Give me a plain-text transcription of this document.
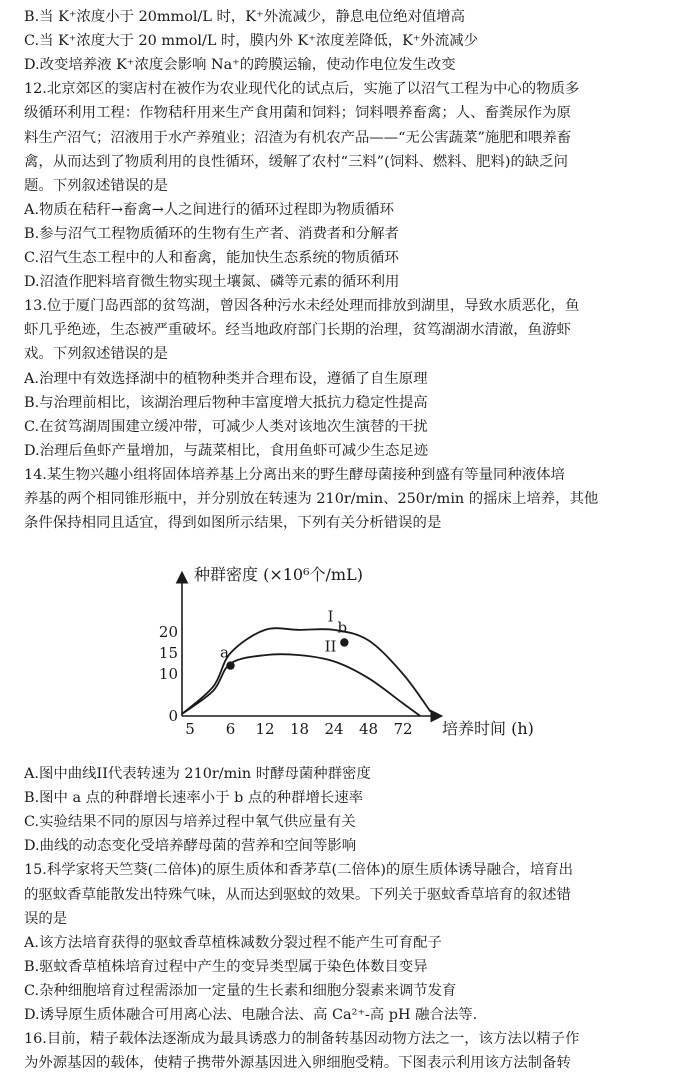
B.当 K⁺浓度小于 20mmol/L 时，K⁺外流减少，静息电位绝对值增高
C.当 K⁺浓度大于 20 mmol/L 时，膜内外 K⁺浓度差降低，K⁺外流减少
D.改变培养液 K⁺浓度会影响 Na⁺的跨膜运输，使动作电位发生改变
12.北京郊区的窦店村在被作为农业现代化的试点后，实施了以沼气工程为中心的物质多
级循环利用工程：作物秸秆用来生产食用菌和饲料；饲料喂养畜禽；人、畜粪尿作为原
料生产沼气；沼液用于水产养殖业；沼渣为有机农产品——“无公害蔬菜”施肥和喂养畜
禽，从而达到了物质利用的良性循环，缓解了农村“三料”(饲料、燃料、肥料)的缺乏问
题。下列叙述错误的是
A.物质在秸秆→畜禽→人之间进行的循环过程即为物质循环
B.参与沼气工程物质循环的生物有生产者、消费者和分解者
C.沼气生态工程中的人和畜禽，能加快生态系统的物质循环
D.沼渣作肥料培育微生物实现土壤氮、磷等元素的循环利用
13.位于厦门岛西部的贫笃湖，曾因各种污水未经处理而排放到湖里，导致水质恶化，鱼
虾几乎绝迹，生态被严重破坏。经当地政府部门长期的治理，贫笃湖湖水清澈，鱼游虾
戏。下列叙述错误的是
A.治理中有效选择湖中的植物种类并合理布设，遵循了自生原理
B.与治理前相比，该湖治理后物种丰富度增大抵抗力稳定性提高
C.在贫笃湖周围建立缓冲带，可减少人类对该地次生演替的干扰
D.治理后鱼虾产量增加，与蔬菜相比，食用鱼虾可减少生态足迹
14.某生物兴趣小组将固体培养基上分离出来的野生酵母菌接种到盛有等量同种液体培
养基的两个相同锥形瓶中，并分别放在转速为 210r/min、250r/min 的摇床上培养，其他
条件保持相同且适宜，得到如图所示结果，下列有关分析错误的是
种群密度 (×10⁶个/mL)
培养时间 (h)
0
10
15
20
5 6 12 18 24 48 72
I
II
a
b
A.图中曲线II代表转速为 210r/min 时酵母菌种群密度
B.图中 a 点的种群增长速率小于 b 点的种群增长速率
C.实验结果不同的原因与培养过程中氧气供应量有关
D.曲线的动态变化受培养酵母菌的营养和空间等影响
15.科学家将天竺葵(二倍体)的原生质体和香茅草(二倍体)的原生质体诱导融合，培育出
的驱蚊香草能散发出特殊气味，从而达到驱蚊的效果。下列关于驱蚊香草培育的叙述错
误的是
A.该方法培育获得的驱蚊香草植株减数分裂过程不能产生可育配子
B.驱蚊香草植株培育过程中产生的变异类型属于染色体数目变异
C.杂种细胞培育过程需添加一定量的生长素和细胞分裂素来调节发育
D.诱导原生质体融合可用离心法、电融合法、高 Ca²⁺-高 pH 融合法等.
16.目前，精子载体法逐渐成为最具诱惑力的制备转基因动物方法之一，该方法以精子作
为外源基因的载体，使精子携带外源基因进入卵细胞受精。下图表示利用该方法制备转
